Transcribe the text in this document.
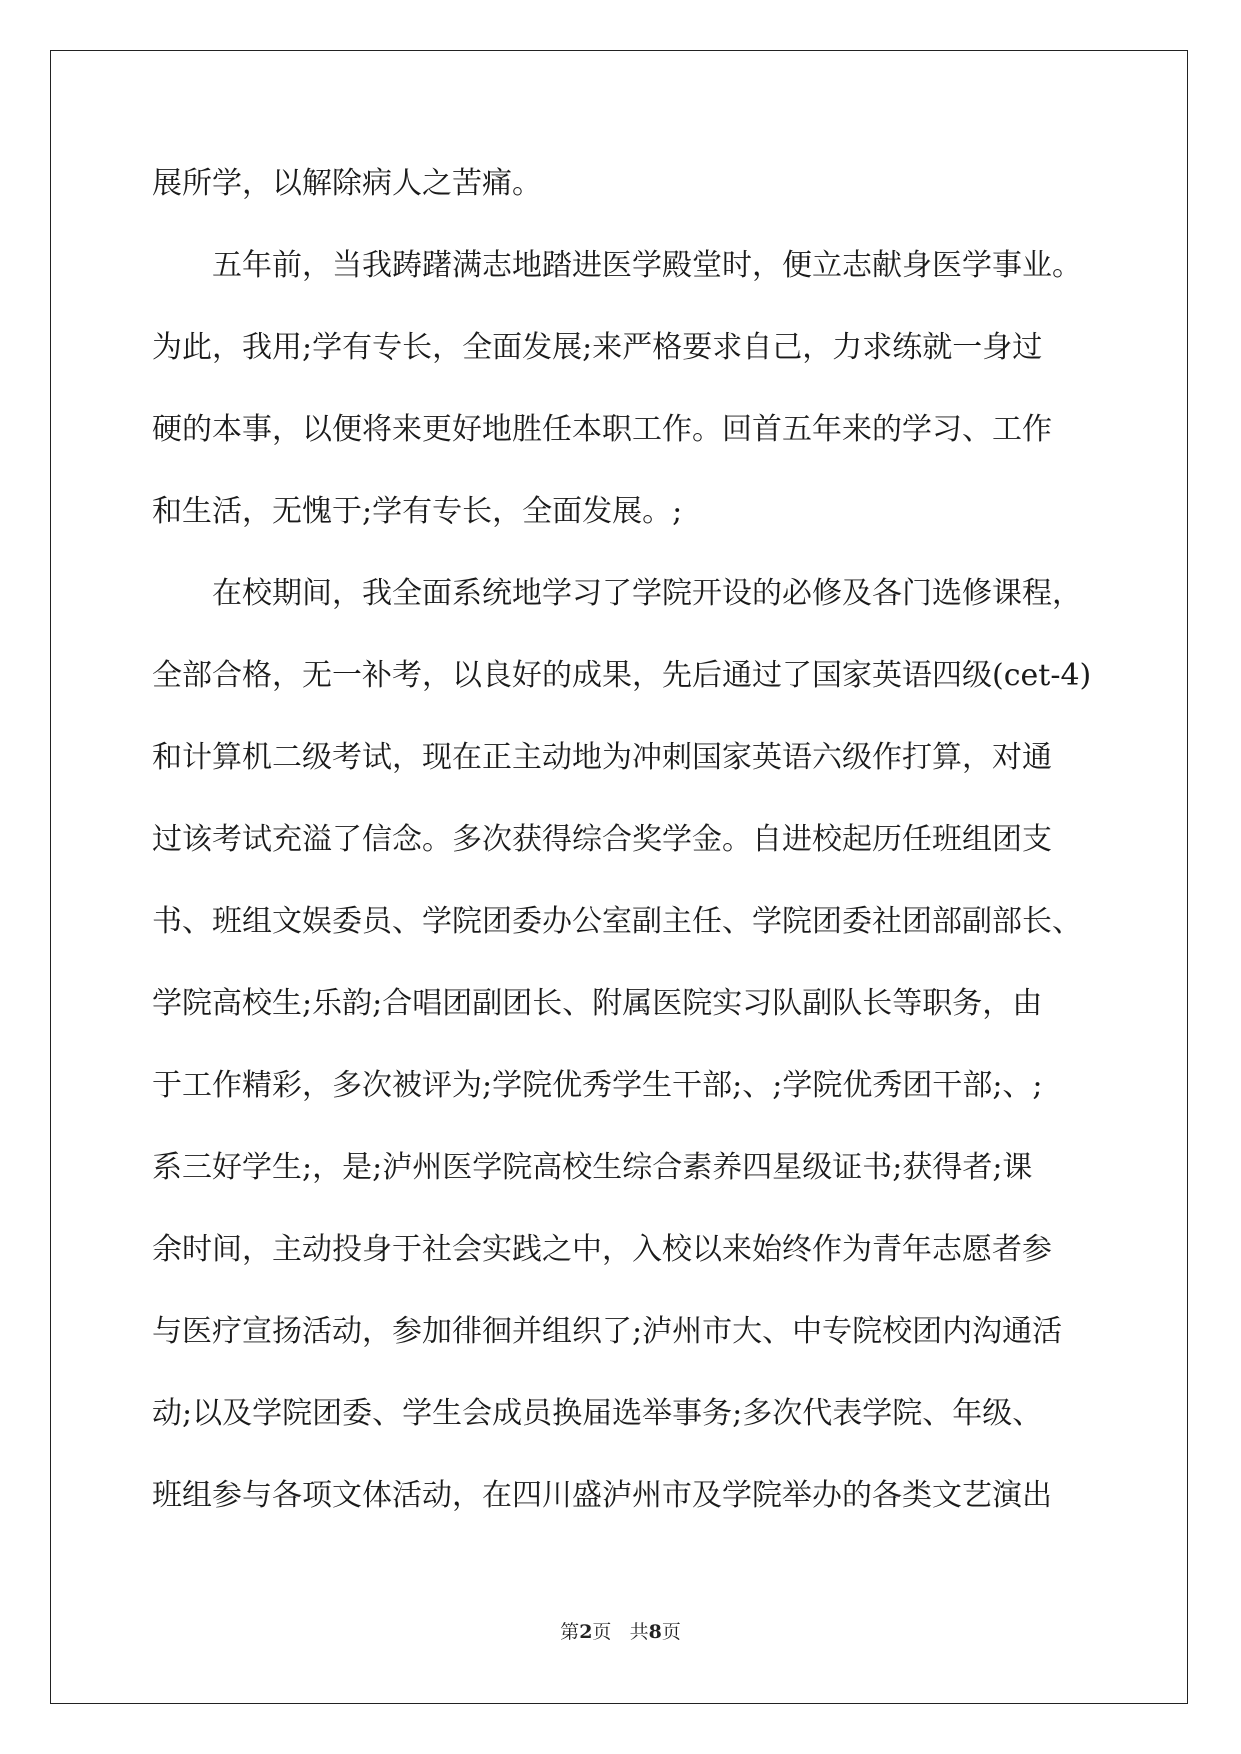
展所学，以解除病人之苦痛。
　　五年前，当我踌躇满志地踏进医学殿堂时，便立志献身医学事业。
为此，我用;学有专长，全面发展;来严格要求自己，力求练就一身过
硬的本事，以便将来更好地胜任本职工作。回首五年来的学习、工作
和生活，无愧于;学有专长，全面发展。;
　　在校期间，我全面系统地学习了学院开设的必修及各门选修课程，
全部合格，无一补考，以良好的成果，先后通过了国家英语四级(cet-4)
和计算机二级考试，现在正主动地为冲刺国家英语六级作打算，对通
过该考试充溢了信念。多次获得综合奖学金。自进校起历任班组团支
书、班组文娱委员、学院团委办公室副主任、学院团委社团部副部长、
学院高校生;乐韵;合唱团副团长、附属医院实习队副队长等职务，由
于工作精彩，多次被评为;学院优秀学生干部;、;学院优秀团干部;、;
系三好学生;，是;泸州医学院高校生综合素养四星级证书;获得者;课
余时间，主动投身于社会实践之中，入校以来始终作为青年志愿者参
与医疗宣扬活动，参加徘徊并组织了;泸州市大、中专院校团内沟通活
动;以及学院团委、学生会成员换届选举事务;多次代表学院、年级、
班组参与各项文体活动，在四川盛泸州市及学院举办的各类文艺演出
第2页 共8页
